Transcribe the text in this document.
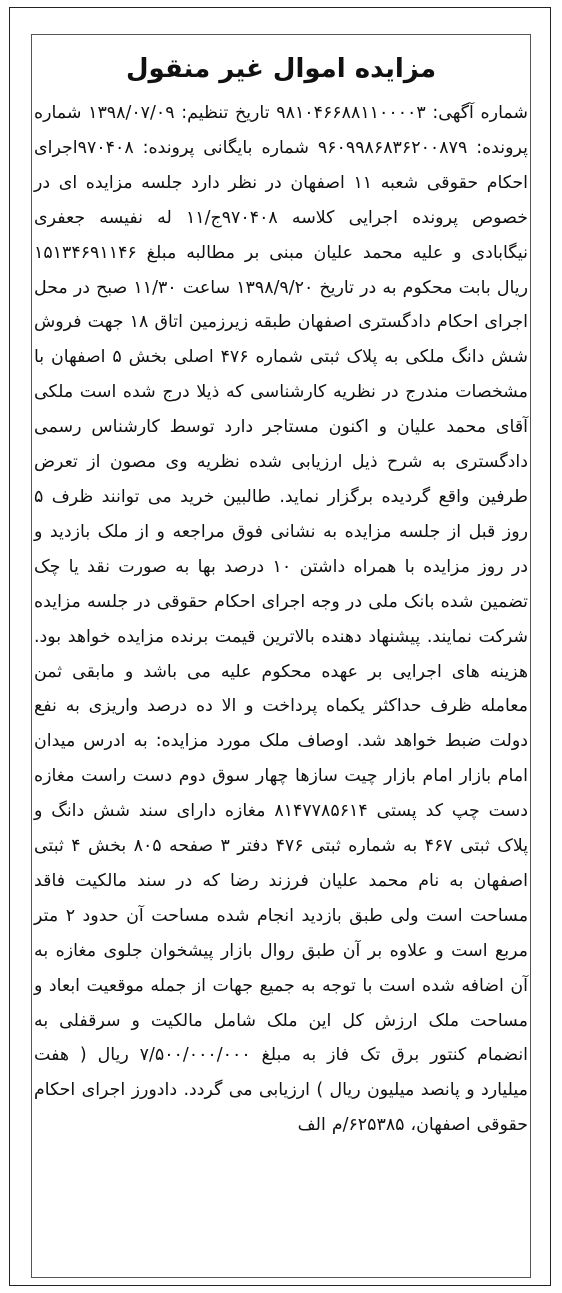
مزایده اموال غیر منقول
شماره آگهی: ۹۸۱۰۴۶۶۸۸۱۱۰۰۰۰۳ تاریخ تنظیم: ۱۳۹۸/۰۷/۰۹ شماره پرونده: ۹۶۰۹۹۸۶۸۳۶۲۰۰۸۷۹ شماره بایگانی پرونده: ۹۷۰۴۰۸اجرای احکام حقوقی شعبه ۱۱ اصفهان در نظر دارد جلسه مزایده ای در خصوص پرونده اجرایی کلاسه ۹۷۰۴۰۸ج/۱۱ له نفیسه جعفری نیگابادی و علیه محمد علیان مبنی بر مطالبه مبلغ ۱۵۱۳۴۶۹۱۱۴۶ ریال بابت محکوم به در تاریخ ۱۳۹۸/۹/۲۰ ساعت ۱۱/۳۰ صبح در محل اجرای احکام دادگستری اصفهان طبقه زیرزمین اتاق ۱۸ جهت فروش شش دانگ ملکی به پلاک ثبتی شماره ۴۷۶ اصلی بخش ۵ اصفهان با مشخصات مندرج در نظریه کارشناسی که ذیلا درج شده است ملکی آقای محمد علیان و اکنون مستاجر دارد توسط کارشناس رسمی دادگستری به شرح ذیل ارزیابی شده نظریه وی مصون از تعرض طرفین واقع گردیده برگزار نماید. طالبین خرید می توانند ظرف ۵ روز قبل از جلسه مزایده به نشانی فوق مراجعه و از ملک بازدید و در روز مزایده با همراه داشتن ۱۰ درصد بها به صورت نقد یا چک تضمین شده بانک ملی در وجه اجرای احکام حقوقی در جلسه مزایده شرکت نمایند. پیشنهاد دهنده بالاترین قیمت برنده مزایده خواهد بود. هزینه های اجرایی بر عهده محکوم علیه می باشد و مابقی ثمن معامله ظرف حداکثر یکماه پرداخت و الا ده درصد واریزی به نفع دولت ضبط خواهد شد. اوصاف ملک مورد مزایده: به ادرس میدان امام بازار امام بازار چیت سازها چهار سوق دوم دست راست مغازه دست چپ کد پستی ۸۱۴۷۷۸۵۶۱۴ مغازه دارای سند شش دانگ و پلاک ثبتی ۴۶۷ به شماره ثبتی ۴۷۶ دفتر ۳ صفحه ۸۰۵ بخش ۴ ثبتی اصفهان به نام محمد علیان فرزند رضا که در سند مالکیت فاقد مساحت است ولی طبق بازدید انجام شده مساحت آن حدود ۲ متر مربع است و علاوه بر آن طبق روال بازار پیشخوان جلوی مغازه به آن اضافه شده است با توجه به جمیع جهات از جمله موقعیت ابعاد و مساحت ملک ارزش کل این ملک شامل مالکیت و سرقفلی به انضمام کنتور برق تک فاز به مبلغ ۷/۵۰۰/۰۰۰/۰۰۰ ریال ( هفت میلیارد و پانصد میلیون ریال ) ارزیابی می گردد. دادورز اجرای احکام حقوقی اصفهان، ۶۲۵۳۸۵/م الف
